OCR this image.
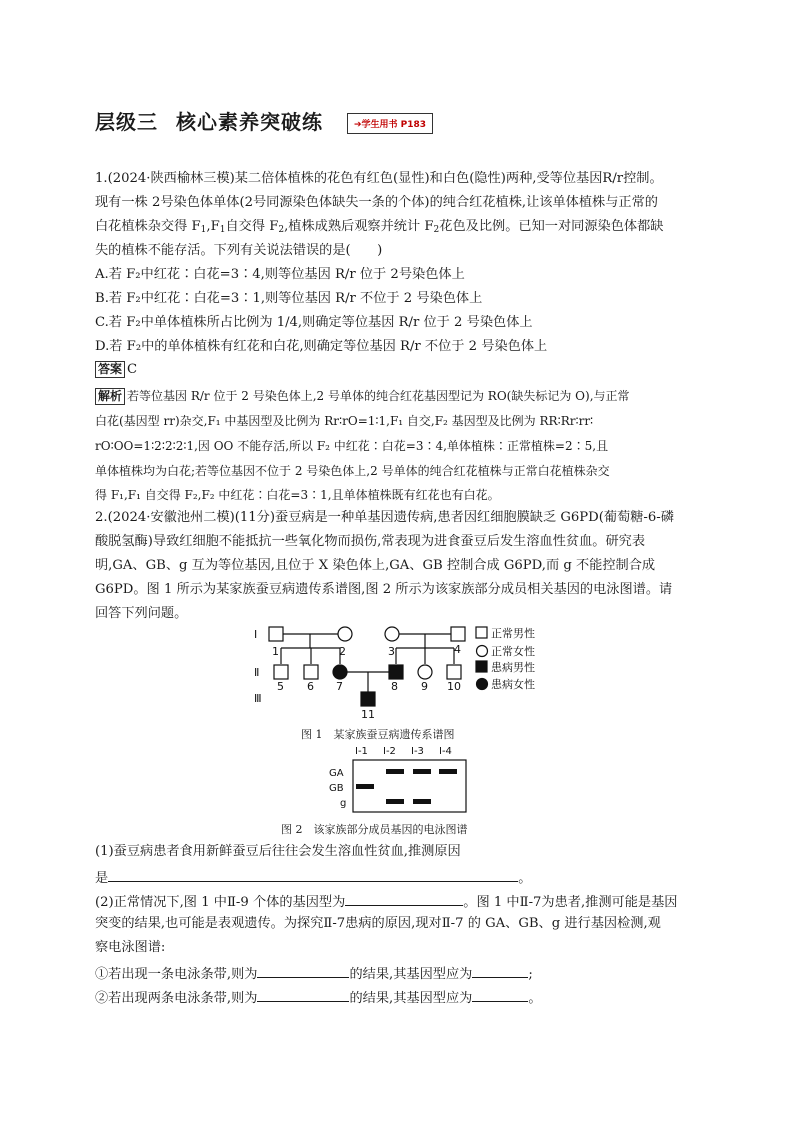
层级三 核心素养突破练	➔学生用书 P183
1.(2024·陕西榆林三模)某二倍体植株的花色有红色(显性)和白色(隐性)两种,受等位基因R/r控制。
现有一株 2号染色体单体(2号同源染色体缺失一条的个体)的纯合红花植株,让该单体植株与正常的
白花植株杂交得 $F_1,F_1$自交得 $F_2$,植株成熟后观察并统计 $F_2$花色及比例。已知一对同源染色体都缺
失的植株不能存活。下列有关说法错误的是(　　)
A.若 F₂中红花∶白花=3∶4,则等位基因 R/r 位于 2号染色体上
B.若 F₂中红花∶白花=3∶1,则等位基因 R/r 不位于 2 号染色体上
C.若 F₂中单体植株所占比例为 1/4,则确定等位基因 R/r 位于 2 号染色体上
D.若 F₂中的单体植株有红花和白花,则确定等位基因 R/r 不位于 2 号染色体上
答案 C
解析 若等位基因 R/r 位于 2 号染色体上,2 号单体的纯合红花基因型记为 RO(缺失标记为 O),与正常
白花(基因型 rr)杂交,F₁ 中基因型及比例为 Rr∶rO=1∶1,F₁ 自交,F₂ 基因型及比例为 RR∶Rr∶rr∶
rO∶OO=1∶2∶2∶2∶1,因 OO 不能存活,所以 F₂ 中红花∶白花=3∶4,单体植株∶正常植株=2∶5,且
单体植株均为白花;若等位基因不位于 2 号染色体上,2 号单体的纯合红花植株与正常白花植株杂交
得 F₁,F₁ 自交得 F₂,F₂ 中红花∶白花=3∶1,且单体植株既有红花也有白花。
2.(2024·安徽池州二模)(11分)蚕豆病是一种单基因遗传病,患者因红细胞膜缺乏 G6PD(葡萄糖-6-磷
酸脱氢酶)导致红细胞不能抵抗一些氧化物而损伤,常表现为进食蚕豆后发生溶血性贫血。研究表
明,GA、GB、g 互为等位基因,且位于 X 染色体上,GA、GB 控制合成 G6PD,而 g 不能控制合成
G6PD。图 1 所示为某家族蚕豆病遗传系谱图,图 2 所示为该家族部分成员相关基因的电泳图谱。请
回答下列问题。
Ⅰ
Ⅱ
Ⅲ
1	2	3	4
5 6 7	8 9 10
11
正常男性
正常女性
患病男性
患病女性
图 1　某家族蚕豆病遗传系谱图
Ⅰ-1 Ⅰ-2 Ⅰ-3 Ⅰ-4
GA
GB
g
图 2　该家族部分成员基因的电泳图谱
(1)蚕豆病患者食用新鲜蚕豆后往往会发生溶血性贫血,推测原因
是	。
(2)正常情况下,图 1 中Ⅱ-9 个体的基因型为	。图 1 中Ⅱ-7为患者,推测可能是基因
突变的结果,也可能是表观遗传。为探究Ⅱ-7患病的原因,现对Ⅱ-7 的 GA、GB、g 进行基因检测,观
察电泳图谱:
①若出现一条电泳条带,则为	的结果,其基因型应为	;
②若出现两条电泳条带,则为	的结果,其基因型应为	。
